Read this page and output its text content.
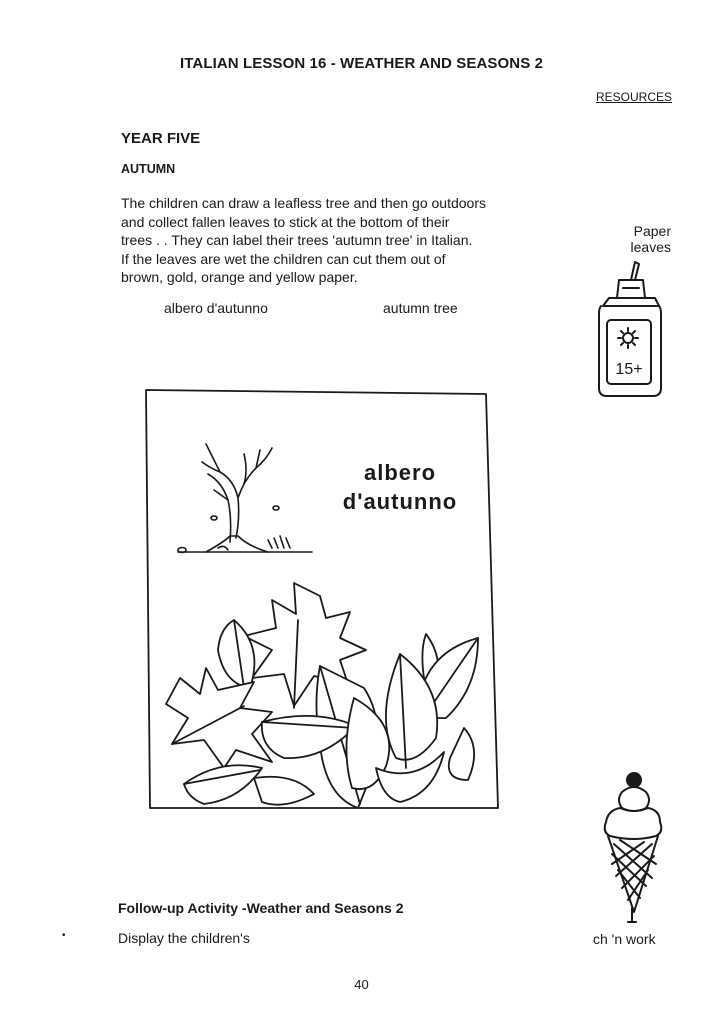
ITALIAN LESSON 16 - WEATHER AND SEASONS 2
RESOURCES
YEAR FIVE
AUTUMN
The children can draw a leafless tree and then go outdoors
and collect fallen leaves to stick at the bottom of their
trees . . They can label their trees 'autumn tree' in Italian.
If the leaves are wet the children can cut them out of
brown, gold, orange and yellow paper.
albero d'autunno	autumn tree
Paper
leaves
15+
albero
d'autunno
Follow-up Activity -Weather and Seasons 2
•	Display the children's	ch 'n work
40
